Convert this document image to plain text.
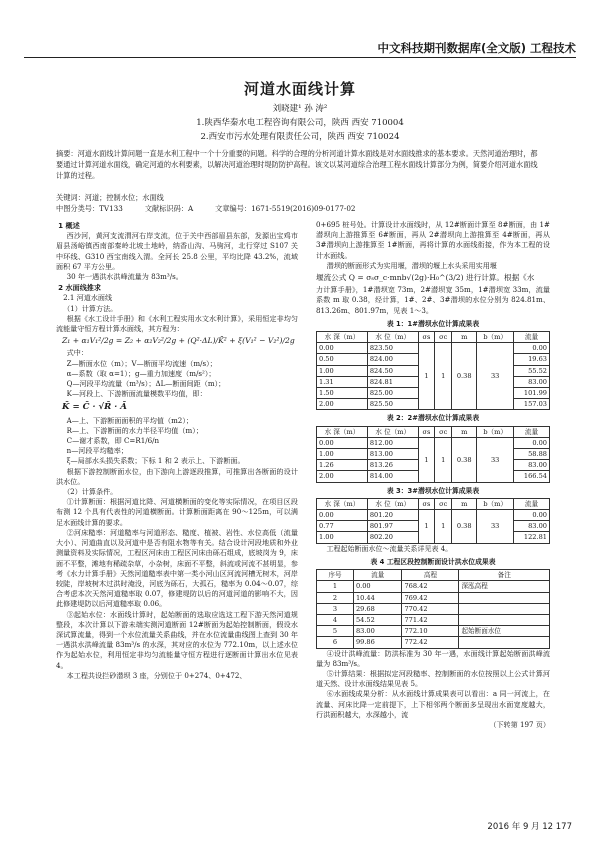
中文科技期刊数据库(全文版) 工程技术
河道水面线计算
刘晓建¹ 孙 涛²
1.陕西华秦水电工程咨询有限公司，陕西 西安 710004
2.西安市污水处理有限责任公司，陕西 西安 710024
摘要：河道水面线计算问题一直是水利工程中一个十分重要的问题。科学的合理的分析河道计算水面线是对水面线推求的基本要求。天然河道治理时，都要通过计算河道水面线，确定河道的水利要素，以解决河道治理时堤防防护高程。该文以某河道综合治理工程水面线计算部分为例，简要介绍河道水面线计算的过程。
关键词：河道；控制水位；水面线
中图分类号：TV133	文献标识码：A	文章编号：1671-5519(2016)09-0177-02
1 概述

西沙河，黄河支流渭河右岸支流，位于关中西部眉县东部，发源出宝鸡市眉县汤峪镇西南部秦岭北坡土地岭，纳香山沟、马驹河，北行穿过 S107 关中环线、G310 西宝南线入渭。全河长 25.8 公里，平均比降 43.2%，流域面积 67 平方公里。

30 年一遇洪水洪峰流量为 83m³/s。

2 水面线推求
2.1 河道水面线
（1）计算方法。

根据《水工设计手册》和《水利工程实用水文水利计算》，采用恒定非均匀流能量守恒方程计算水面线，其方程为：

Z₁ + α₁V₁²/2g = Z₂ + α₂V₂²/2g + (Q²·ΔL)/K̄² + ξ(V₁² − V₂²)/2g

式中：

Z—断面水位（m）；V—断面平均流速（m/s）；

α—系数（取 α=1）；g—重力加速度（m/s²）；

Q—河段平均流量（m³/s）；ΔL—断面间距（m）；

K—河段上、下游断面流量模数平均值，即：

K̄ = C̄ · √R̄ · Ā

A—上、下游断面面积的平均值（m2）；

R—上、下游断面的水力半径平均值（m）；

C—谢才系数，即 C=R1/6/n

n—河段平均糙率；

ξ—局部水头损失系数；下标 1 和 2 表示上、下游断面。

根据下游控制断面水位，由下游向上游逐段推算，可推算出各断面的设计洪水位。

（2）计算条件。

①计算断面：根据河道比降、河道横断面的变化等实际情况，在项目区段布测 12 个具有代表性的河道横断面。计算断面距离在 90～125m，可以满足水面线计算的要求。

②河床糙率：河道糙率与河道形态、糙度、植被、岩性、水位高低（流量大小）、河道曲直以及河道中是否有阻水物等有关。结合设计河段地质和外业测量资料及实际情况，工程区河床由工程区河床由砾石组成，底坡岗为 9，床面不平整，滩地有稀疏杂草，小杂树，床面不平整，斜流或河流不甚明显，参考《水力计算手册》天然河道糙率表中第一类小河山区河流河槽无树木，河岸较陡，岸坡树木过洪时淹没，河底为砾石，大孤石，糙率为 0.04～0.07，综合考虑本次天然河道糙率取 0.07，修建堤防以后的河道河道的影响不大，因此修建堤防以后河道糙率取 0.06。

③起始水位：水面线计算时，起始断面的选取应选这工程下游天然河道规整段，本次计算以下游未端实测河道断面 12#断面为起始控制断面，假设水深试算流量，得到一个水位流量关系曲线，并在水位流量曲线图上查到 30 年一遇洪水洪峰流量 83m³/s 的水深，其对应的水位为 772.10m，以上述水位作为起始水位，利用恒定非均匀流能量守恒方程进行逐断面计算出水位见表 4。

本工程共设拦砂潜坝 3 座，分别位于 0+274、0+472、

0+695 桩号处。计算设计水面线时，从 12#断面计算至 8#断面，由 1#潜坝向上游推算至 6#断面，再从 2#潜坝向上游推算至 4#断面，再从 3#潜坝向上游推算至 1#断面，再将计算的水面线衔接，作为本工程的设计水面线。

潜坝的断面形式为实用堰，潜坝的堰上水头采用实用堰

堰流公式 Q = σₛσ_c·mnb√(2g)·H₀^(3/2) 进行计算。根据《水

力计算手册》，1#潜坝宽 73m，2#潜坝宽 35m，1#潜坝宽 33m，流量系数 m 取 0.38，经计算，1#、2#、3#潜坝的水位分别为 824.81m、813.26m、801.97m，见表 1～3。

表 1：1#潜坝水位计算成果表
水 深（m）	水 位（m）	σs	σc	m	b（m）	流量
0.00	823.50	1	1	0.38	33	0.00
0.50	824.00					19.63
1.00	824.50					55.52
1.31	824.81					83.00
1.50	825.00					101.99
2.00	825.50					157.03
表 2：2#潜坝水位计算成果表
水 深（m）	水 位（m）	σs	σc	m	b（m）	流量
0.00	812.00	1	1	0.38	33	0.00
1.00	813.00					58.88
1.26	813.26					83.00
2.00	814.00					166.54
表 3：3#潜坝水位计算成果表
水 深（m）	水 位（m）	σs	σc	m	b（m）	流量
0.00	801.20	1	1	0.38	33	0.00
0.77	801.97					83.00
1.00	802.20					122.81

工程起始断面水位～流量关系详见表 4。

表 4 工程区段控制断面设计洪水位成果表
序号	流量	高程	备注
1	0.00	768.42	深泓高程
2	10.44	769.42	
3	29.68	770.42	
4	54.52	771.42	
5	83.00	772.10	起始断面水位
6	99.86	772.42	

④设计洪峰流量：防洪标准为 30 年一遇，水面线计算起始断面洪峰流量为 83m³/s。

⑤计算结果：根据拟定河段糙率、控制断面的水位按照以上公式计算河道天然、设计水面线结果见表 5。

⑥水面线成果分析：从水面线计算成果表可以看出：a 同一河流上，在流量、河床比降一定前提下，上下相邻两个断面多呈现出水面宽度越大，行洪面积越大，水深越小，流

（下转第 197 页）

2016 年 9 月 12 177
